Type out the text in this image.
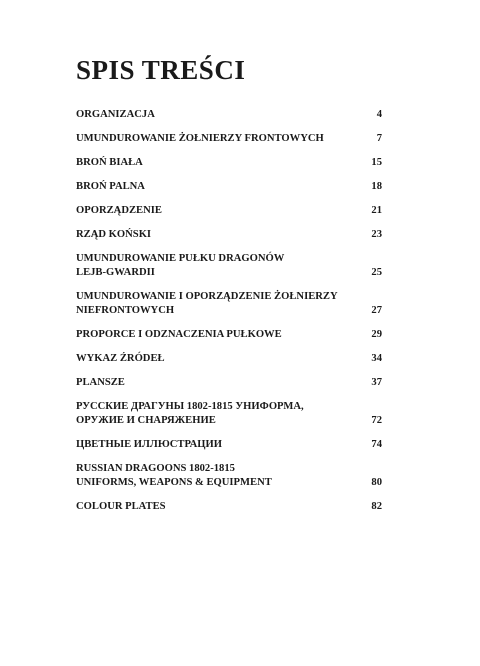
SPIS TREŚCI
ORGANIZACJA	4
UMUNDUROWANIE ŻOŁNIERZY FRONTOWYCH	7
BROŃ BIAŁA	15
BROŃ PALNA	18
OPORZĄDZENIE	21
RZĄD KOŃSKI	23
UMUNDUROWANIE PUŁKU DRAGONÓW
LEJB-GWARDII	25
UMUNDUROWANIE I OPORZĄDZENIE ŻOŁNIERZY
NIEFRONTOWYCH	27
PROPORCE I ODZNACZENIA PUŁKOWE	29
WYKAZ ŹRÓDEŁ	34
PLANSZE	37
РУССКИЕ ДРАГУНЫ 1802-1815 УНИФОРМА,
ОРУЖИЕ И СНАРЯЖЕНИЕ	72
ЦВЕТНЫЕ ИЛЛЮСТРАЦИИ	74
RUSSIAN DRAGOONS 1802-1815
UNIFORMS, WEAPONS & EQUIPMENT	80
COLOUR PLATES	82
